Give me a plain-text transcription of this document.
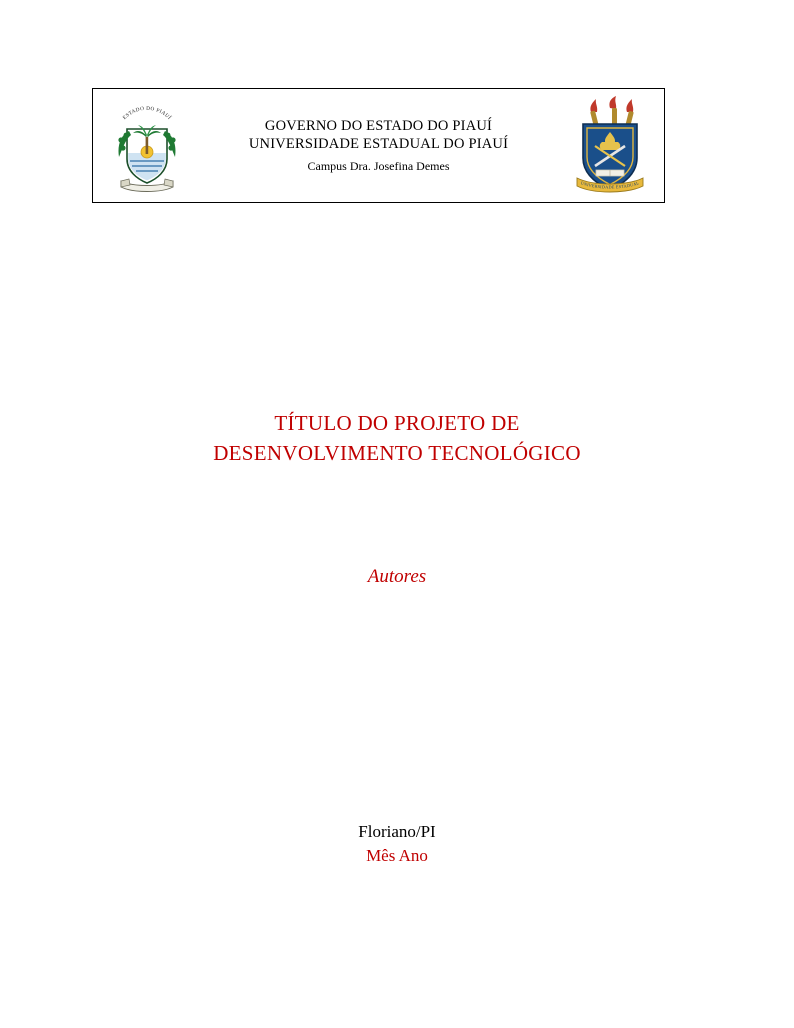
ESTADO DO PIAUÍ
GOVERNO DO ESTADO DO PIAUÍ
UNIVERSIDADE ESTADUAL DO PIAUÍ
Campus Dra. Josefina Demes
UNIVERSIDADE ESTADUAL
TÍTULO DO PROJETO DE
DESENVOLVIMENTO TECNOLÓGICO
Autores
Floriano/PI
Mês Ano
